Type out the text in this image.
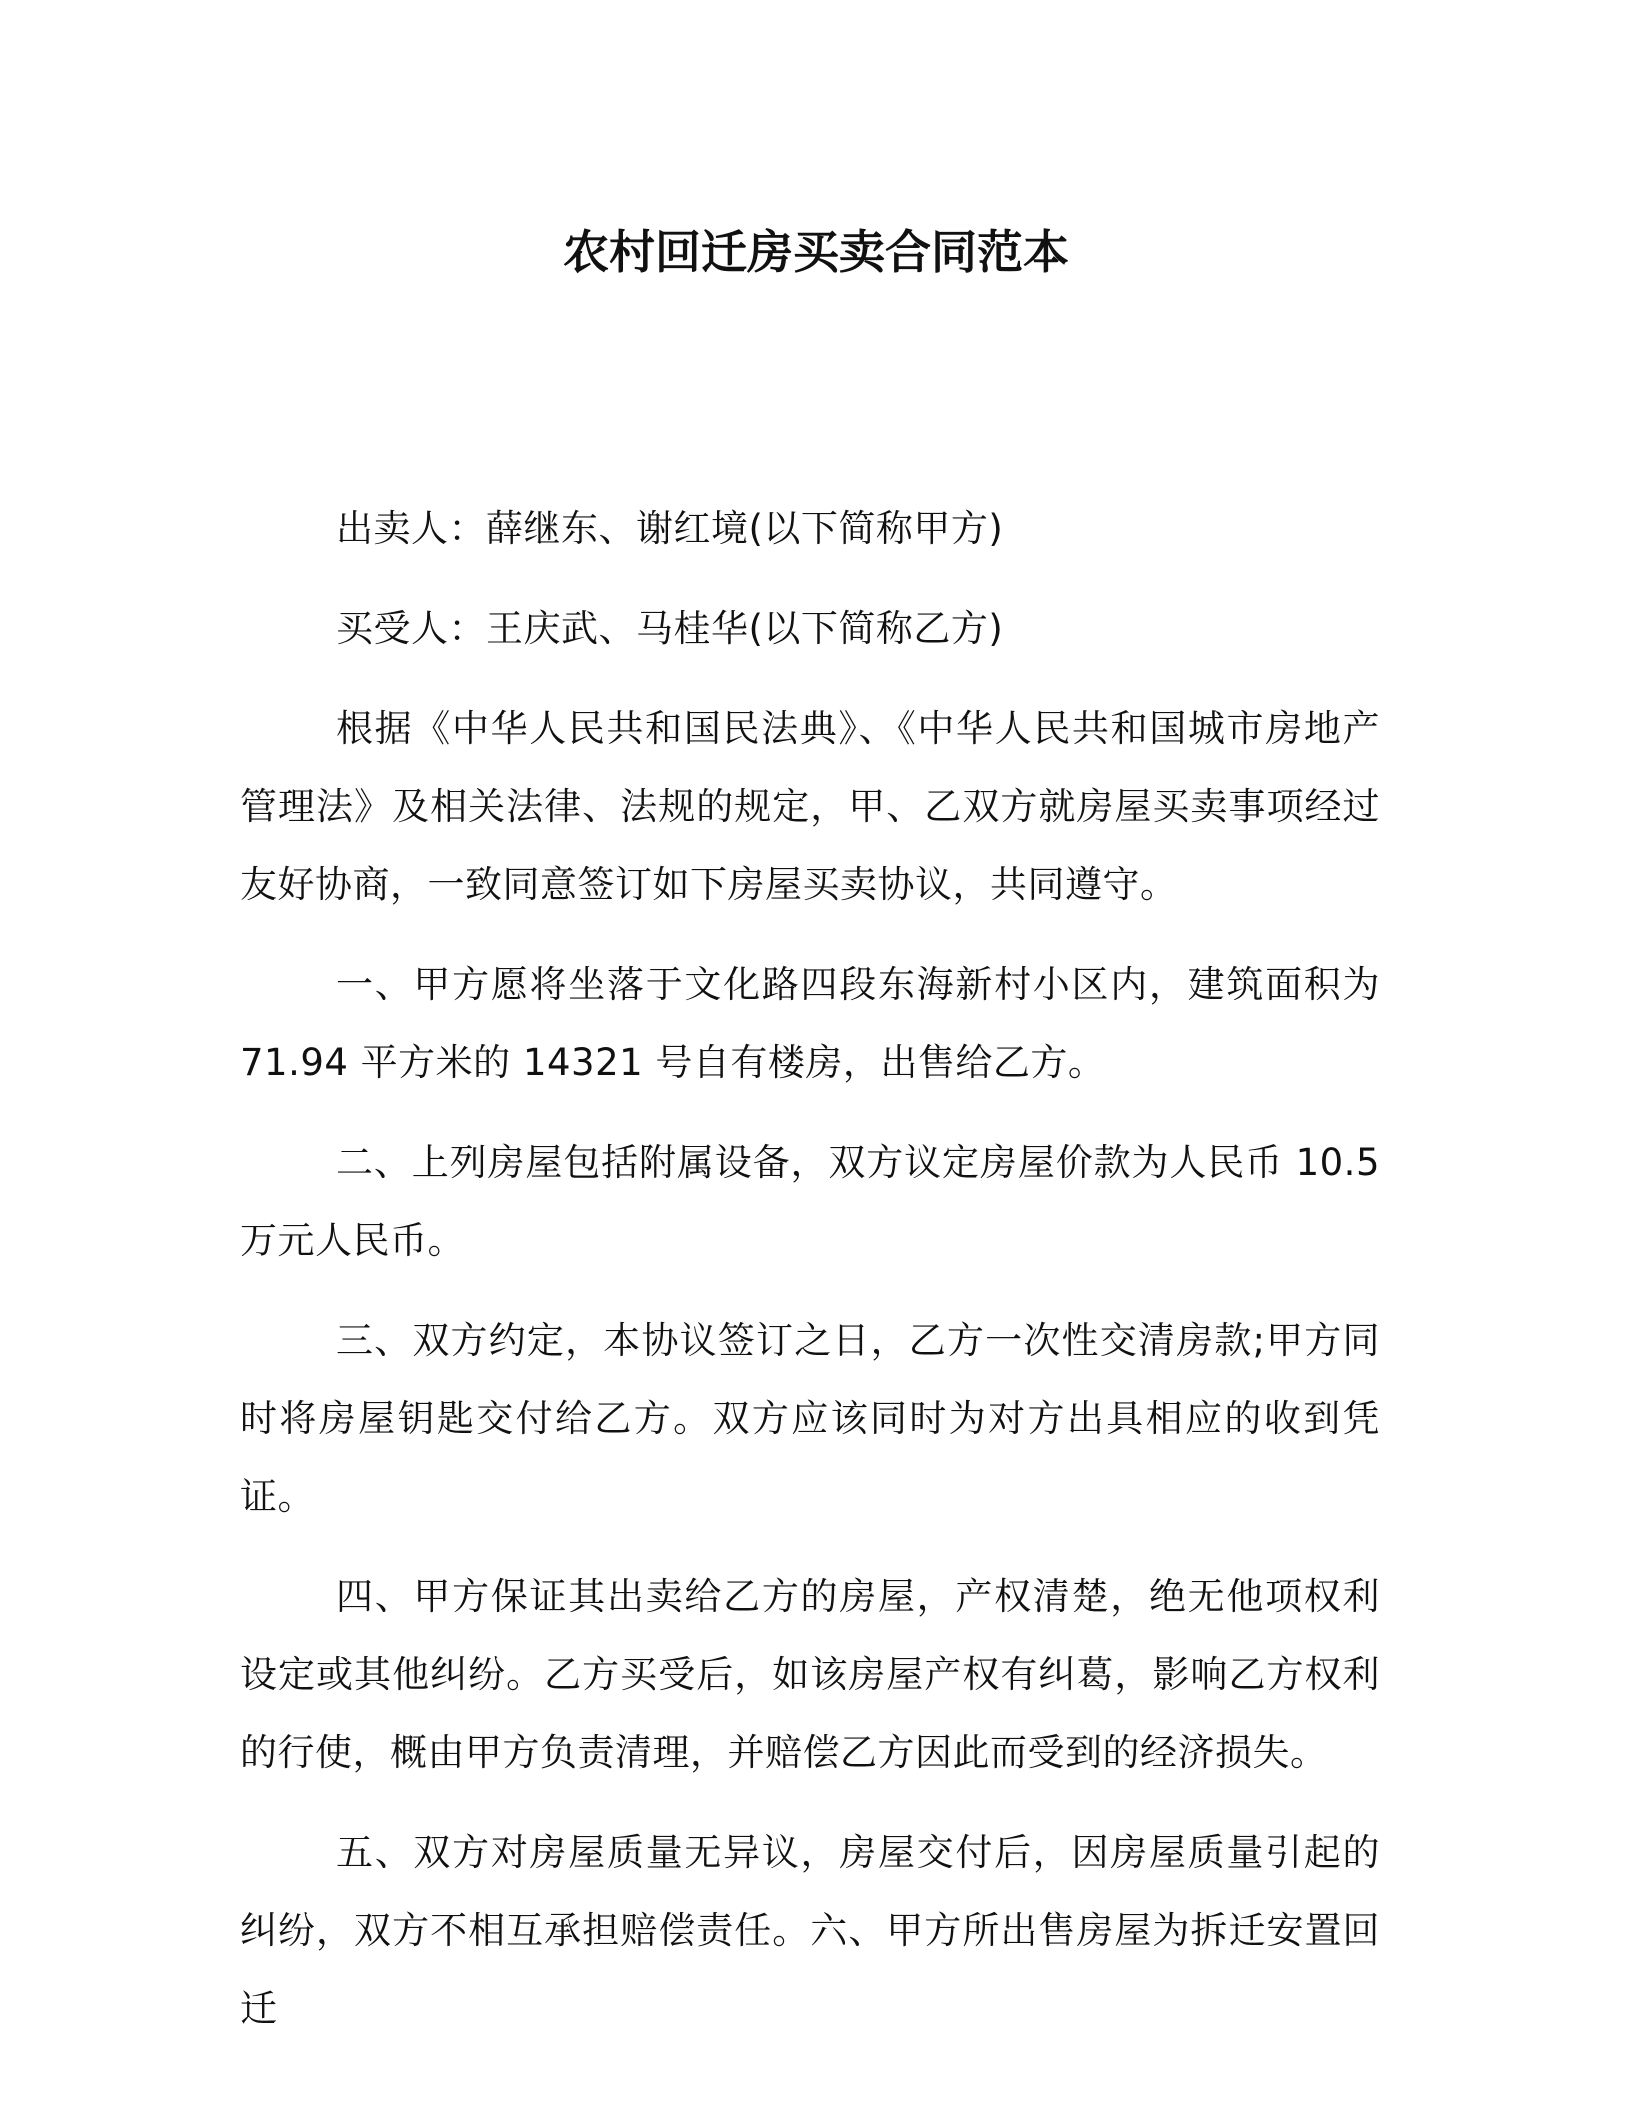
农村回迁房买卖合同范本

出卖人：薛继东、谢红境(以下简称甲方)

买受人：王庆武、马桂华(以下简称乙方)

根据《中华人民共和国民法典》、《中华人民共和国城市房地产管理法》及相关法律、法规的规定，甲、乙双方就房屋买卖事项经过友好协商，一致同意签订如下房屋买卖协议，共同遵守。

一、甲方愿将坐落于文化路四段东海新村小区内，建筑面积为 71.94 平方米的 14321 号自有楼房，出售给乙方。

二、上列房屋包括附属设备，双方议定房屋价款为人民币 10.5 万元人民币。

三、双方约定，本协议签订之日，乙方一次性交清房款;甲方同时将房屋钥匙交付给乙方。双方应该同时为对方出具相应的收到凭证。

四、甲方保证其出卖给乙方的房屋，产权清楚，绝无他项权利设定或其他纠纷。乙方买受后，如该房屋产权有纠葛，影响乙方权利的行使，概由甲方负责清理，并赔偿乙方因此而受到的经济损失。

五、双方对房屋质量无异议，房屋交付后，因房屋质量引起的纠纷，双方不相互承担赔偿责任。六、甲方所出售房屋为拆迁安置回迁
